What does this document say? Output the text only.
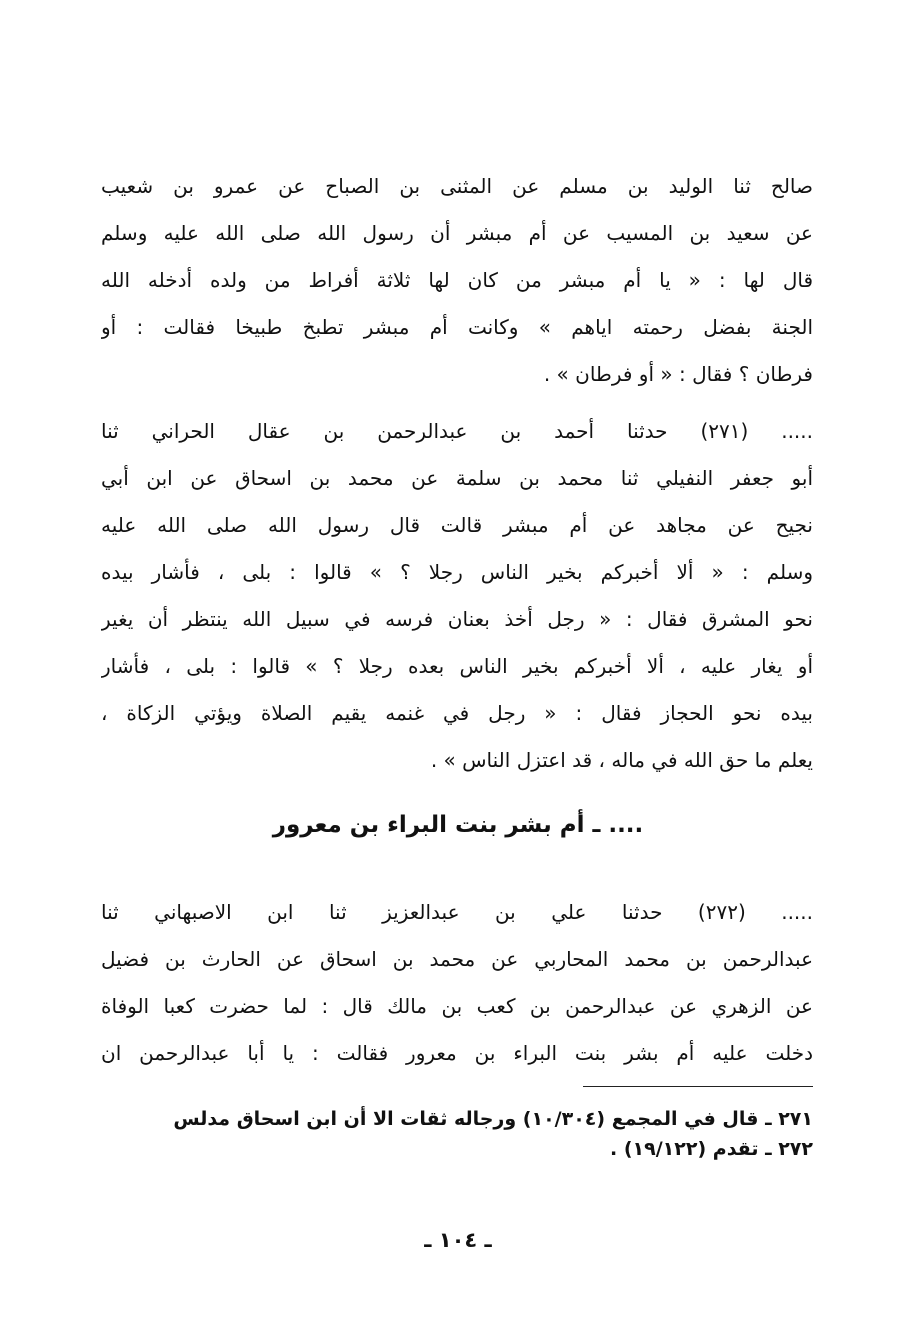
صالح ثنا الوليد بن مسلم عن المثنى بن الصباح عن عمرو بن شعيب
عن سعيد بن المسيب عن أم مبشر أن رسول الله صلى الله عليه وسلم
قال لها : « يا أم مبشر من كان لها ثلاثة أفراط من ولده أدخله الله
الجنة بفضل رحمته اياهم » وكانت أم مبشر تطبخ طبيخا فقالت : أو
فرطان ؟ فقال : « أو فرطان » .
..... (٢٧١) حدثنا أحمد بن عبدالرحمن بن عقال الحراني ثنا
أبو جعفر النفيلي ثنا محمد بن سلمة عن محمد بن اسحاق عن ابن أبي
نجيح عن مجاهد عن أم مبشر قالت قال رسول الله صلى الله عليه
وسلم : « ألا أخبركم بخير الناس رجلا ؟ » قالوا : بلى ، فأشار بيده
نحو المشرق فقال : « رجل أخذ بعنان فرسه في سبيل الله ينتظر أن يغير
أو يغار عليه ، ألا أخبركم بخير الناس بعده رجلا ؟ » قالوا : بلى ، فأشار
بيده نحو الحجاز فقال : « رجل في غنمه يقيم الصلاة ويؤتي الزكاة ،
يعلم ما حق الله في ماله ، قد اعتزل الناس » .
.... ـ أم بشر بنت البراء بن معرور
..... (٢٧٢) حدثنا علي بن عبدالعزيز ثنا ابن الاصبهاني ثنا
عبدالرحمن بن محمد المحاربي عن محمد بن اسحاق عن الحارث بن فضيل
عن الزهري عن عبدالرحمن بن كعب بن مالك قال : لما حضرت كعبا الوفاة
دخلت عليه أم بشر بنت البراء بن معرور فقالت : يا أبا عبدالرحمن ان
٢٧١ ـ قال في المجمع (١٠/٣٠٤) ورجاله ثقات الا أن ابن اسحاق مدلس
٢٧٢ ـ تقدم (١٩/١٢٢) .
ـ ١٠٤ ـ
